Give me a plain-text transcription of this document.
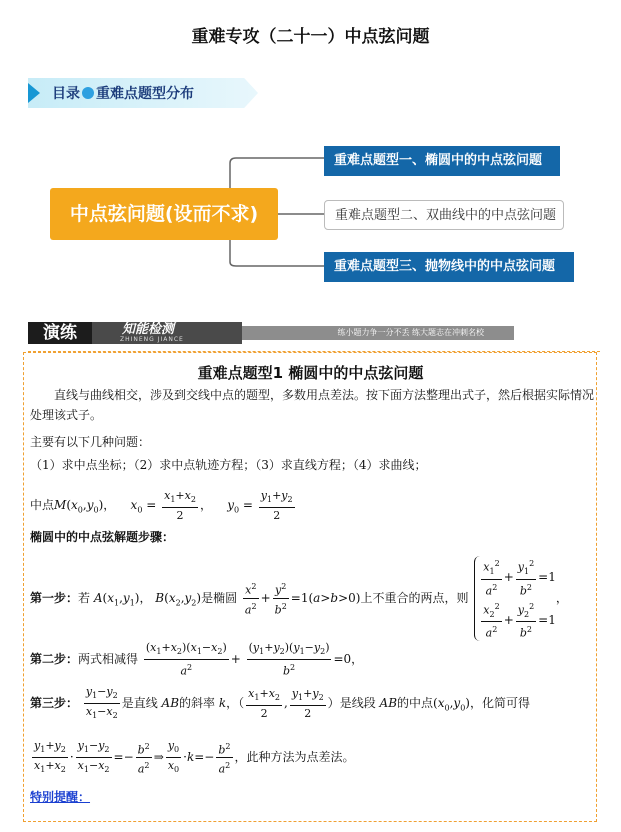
重难专攻（二十一）中点弦问题
目录 重难点题型分布
中点弦问题(设而不求)
重难点题型一、椭圆中的中点弦问题
重难点题型二、双曲线中的中点弦问题
重难点题型三、抛物线中的中点弦问题
演练	知能检测
ZHINENG JIANCE
练小题力争一分不丢 练大题志在冲刺名校
重难点题型1 椭圆中的中点弦问题
直线与曲线相交，涉及到交线中点的题型，多数用点差法。按下面方法整理出式子，然后根据实际情况处理该式子。
主要有以下几种问题：
（1）求中点坐标；（2）求中点轨迹方程；（3）求直线方程；（4）求曲线；
中点$M(x_0,y_0)$，    $x_0 = \frac{x_1+x_2}{2}$ ，    $y_0 = \frac{y_1+y_2}{2}$
椭圆中的中点弦解题步骤：
第一步：若 $A(x_1,y_1)$， $B(x_2,y_2)$是椭圆 $\frac{x^2}{a^2} + \frac{y^2}{b^2} =1(a>b>0)$上不重合的两点，则 $\frac{x_1^2}{a^2} + \frac{y_1^2}{b^2} =1$
$\frac{x_2^2}{a^2} + \frac{y_2^2}{b^2} =1$
，
第二步：两式相减得 $\frac{(x_1+x_2)(x_1-x_2)}{a^2} + \frac{(y_1+y_2)(y_1-y_2)}{b^2} =0$，
第三步： $\frac{y_1-y_2}{x_1-x_2}$ 是直线 AB的斜率 k，（ $\frac{x_1+x_2}{2}$ , $\frac{y_1+y_2}{2}$ ）是线段 AB的中点$(x_0,y_0)$，化简可得
$\frac{y_1+y_2}{x_1+x_2} \cdot \frac{y_1-y_2}{x_1-x_2} =- \frac{b^2}{a^2}$ ⇒ $\frac{y_0}{x_0} \cdot k=- \frac{b^2}{a^2}$ ，此种方法为点差法。
特别提醒：
